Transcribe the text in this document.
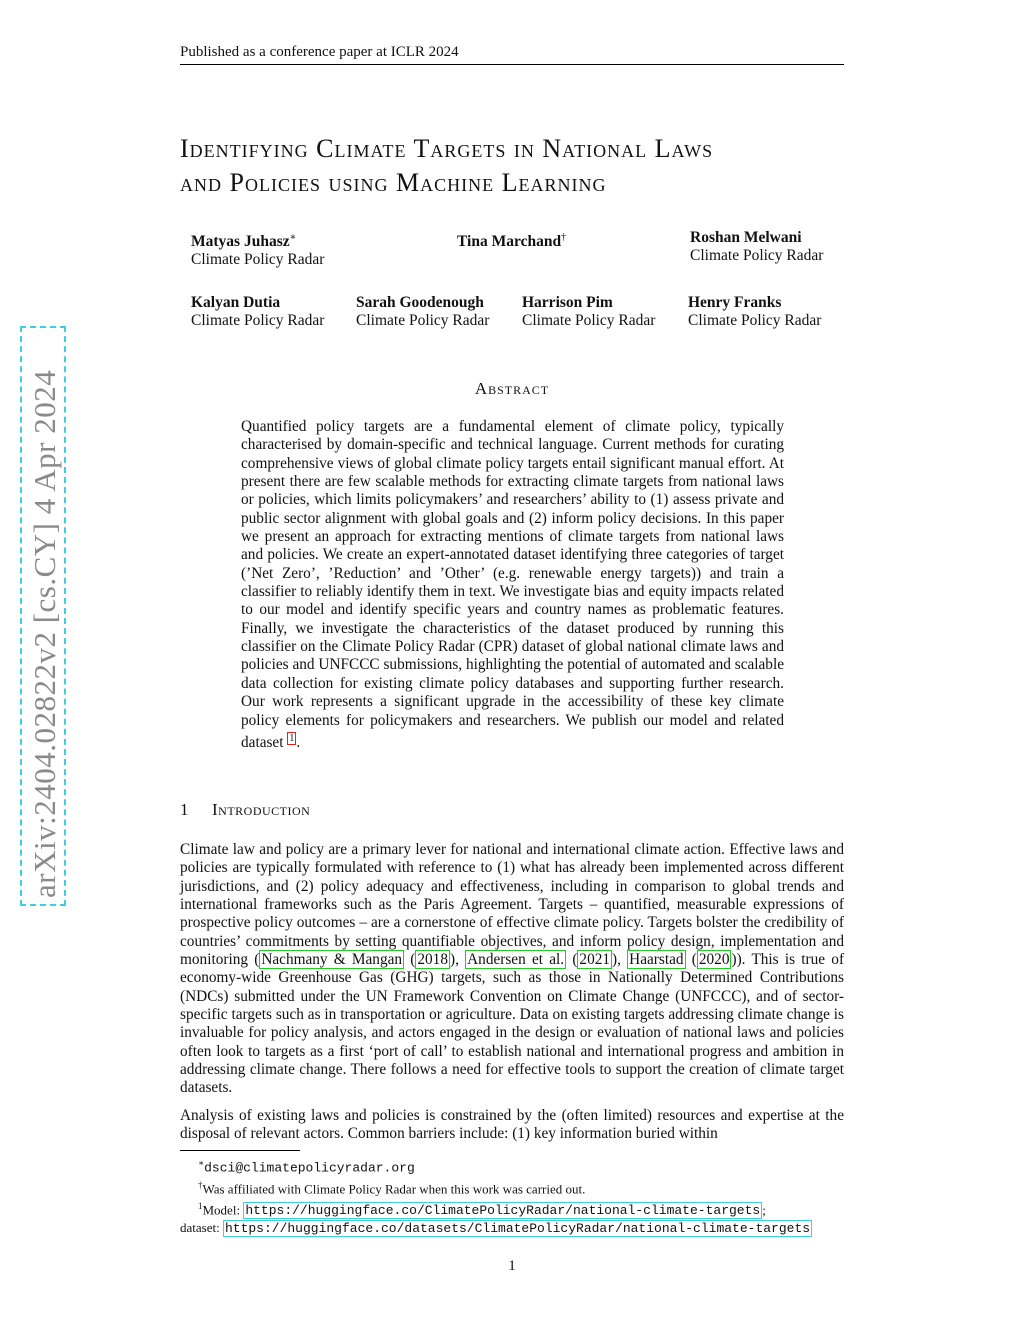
Published as a conference paper at ICLR 2024
arXiv:2404.02822v2 [cs.CY] 4 Apr 2024
Identifying Climate Targets in National Laws
and Policies using Machine Learning
Matyas Juhasz∗
Climate Policy Radar
Tina Marchand†	Roshan Melwani
Climate Policy Radar
Kalyan Dutia
Climate Policy Radar
Sarah Goodenough
Climate Policy Radar
Harrison Pim
Climate Policy Radar
Henry Franks
Climate Policy Radar
Abstract
Quantified policy targets are a fundamental element of climate policy, typically characterised by domain-specific and technical language. Current methods for curating comprehensive views of global climate policy targets entail significant manual effort. At present there are few scalable methods for extracting climate targets from national laws or policies, which limits policymakers’ and researchers’ ability to (1) assess private and public sector alignment with global goals and (2) inform policy decisions. In this paper we present an approach for extracting mentions of climate targets from national laws and policies. We create an expert-annotated dataset identifying three categories of target (’Net Zero’, ’Reduction’ and ’Other’ (e.g. renewable energy targets)) and train a classifier to reliably identify them in text. We investigate bias and equity impacts related to our model and identify specific years and country names as problematic features. Finally, we investigate the characteristics of the dataset produced by running this classifier on the Climate Policy Radar (CPR) dataset of global national climate laws and policies and UNFCCC submissions, highlighting the potential of automated and scalable data collection for existing climate policy databases and supporting further research. Our work represents a significant upgrade in the accessibility of these key climate policy elements for policymakers and researchers. We publish our model and related dataset $^1$ .
1 Introduction
Climate law and policy are a primary lever for national and international climate action. Effective laws and policies are typically formulated with reference to (1) what has already been implemented across different jurisdictions, and (2) policy adequacy and effectiveness, including in comparison to global trends and international frameworks such as the Paris Agreement. Targets – quantified, measurable expressions of prospective policy outcomes – are a cornerstone of effective climate policy. Targets bolster the credibility of countries’ commitments by setting quantifiable objectives, and inform policy design, implementation and monitoring ( Nachmany & Mangan ( 2018 ), Andersen et al. ( 2021 ), Haarstad ( 2020 )). This is true of economy-wide Greenhouse Gas (GHG) targets, such as those in Nationally Determined Contributions (NDCs) submitted under the UN Framework Convention on Climate Change (UNFCCC), and of sector-specific targets such as in transportation or agriculture. Data on existing targets addressing climate change is invaluable for policy analysis, and actors engaged in the design or evaluation of national laws and policies often look to targets as a first ‘port of call’ to establish national and international progress and ambition in addressing climate change. There follows a need for effective tools to support the creation of climate target datasets.
Analysis of existing laws and policies is constrained by the (often limited) resources and expertise at the disposal of relevant actors. Common barriers include: (1) key information buried within
∗dsci@climatepolicyradar.org
†Was affiliated with Climate Policy Radar when this work was carried out.
$^1$Model: https://huggingface.co/ClimatePolicyRadar/national-climate-targets ;
dataset: https://huggingface.co/datasets/ClimatePolicyRadar/national-climate-targets
1
